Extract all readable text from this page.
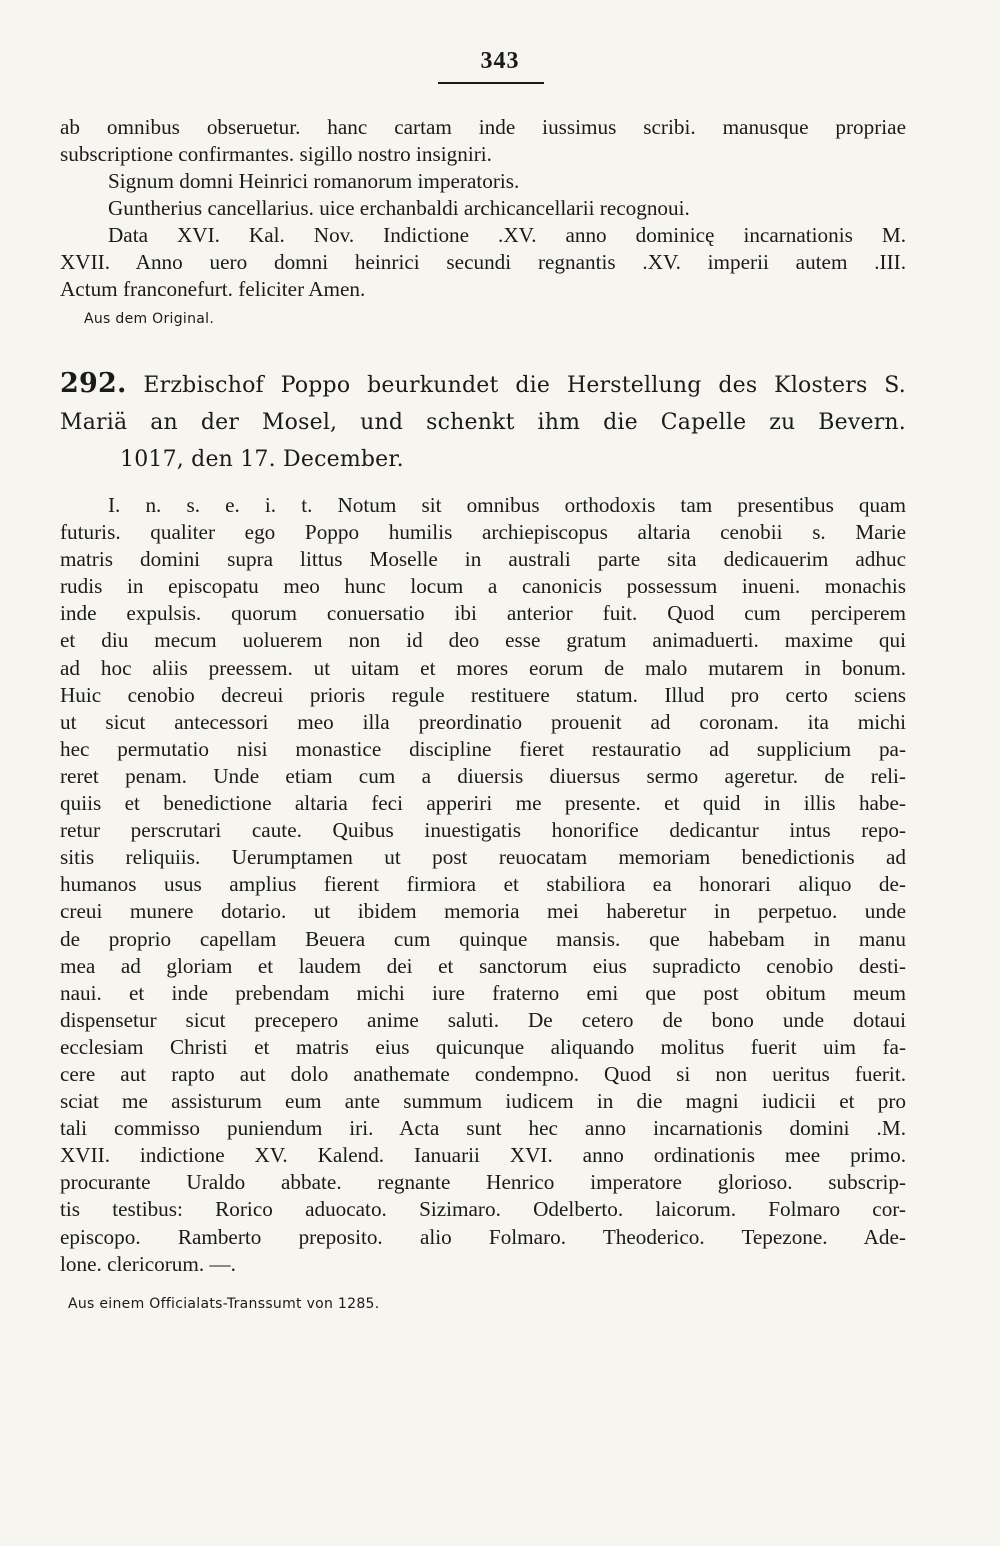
343
ab omnibus obseruetur. hanc cartam inde iussimus scribi. manusque propriae
subscriptione confirmantes. sigillo nostro insigniri.
Signum domni Heinrici romanorum imperatoris.
Guntherius cancellarius. uice erchanbaldi archicancellarii recognoui.
Data XVI. Kal. Nov. Indictione .XV. anno dominicę incarnationis M.
XVII. Anno uero domni heinrici secundi regnantis .XV. imperii autem .III.
Actum franconefurt. feliciter Amen.
Aus dem Original.
292. Erzbischof Poppo beurkundet die Herstellung des Klosters S.
Mariä an der Mosel, und schenkt ihm die Capelle zu Bevern.
1017, den 17. December.
I. n. s. e. i. t. Notum sit omnibus orthodoxis tam presentibus quam
futuris. qualiter ego Poppo humilis archiepiscopus altaria cenobii s. Marie
matris domini supra littus Moselle in australi parte sita dedicauerim adhuc
rudis in episcopatu meo hunc locum a canonicis possessum inueni. monachis
inde expulsis. quorum conuersatio ibi anterior fuit. Quod cum perciperem
et diu mecum uoluerem non id deo esse gratum animaduerti. maxime qui
ad hoc aliis preessem. ut uitam et mores eorum de malo mutarem in bonum.
Huic cenobio decreui prioris regule restituere statum. Illud pro certo sciens
ut sicut antecessori meo illa preordinatio prouenit ad coronam. ita michi
hec permutatio nisi monastice discipline fieret restauratio ad supplicium pa-
reret penam. Unde etiam cum a diuersis diuersus sermo ageretur. de reli-
quiis et benedictione altaria feci apperiri me presente. et quid in illis habe-
retur perscrutari caute. Quibus inuestigatis honorifice dedicantur intus repo-
sitis reliquiis. Uerumptamen ut post reuocatam memoriam benedictionis ad
humanos usus amplius fierent firmiora et stabiliora ea honorari aliquo de-
creui munere dotario. ut ibidem memoria mei haberetur in perpetuo. unde
de proprio capellam Beuera cum quinque mansis. que habebam in manu
mea ad gloriam et laudem dei et sanctorum eius supradicto cenobio desti-
naui. et inde prebendam michi iure fraterno emi que post obitum meum
dispensetur sicut precepero anime saluti. De cetero de bono unde dotaui
ecclesiam Christi et matris eius quicunque aliquando molitus fuerit uim fa-
cere aut rapto aut dolo anathemate condempno. Quod si non ueritus fuerit.
sciat me assisturum eum ante summum iudicem in die magni iudicii et pro
tali commisso puniendum iri. Acta sunt hec anno incarnationis domini .M.
XVII. indictione XV. Kalend. Ianuarii XVI. anno ordinationis mee primo.
procurante Uraldo abbate. regnante Henrico imperatore glorioso. subscrip-
tis testibus: Rorico aduocato. Sizimaro. Odelberto. laicorum. Folmaro cor-
episcopo. Ramberto preposito. alio Folmaro. Theoderico. Tepezone. Ade-
lone. clericorum. —.
Aus einem Officialats-Transsumt von 1285.
